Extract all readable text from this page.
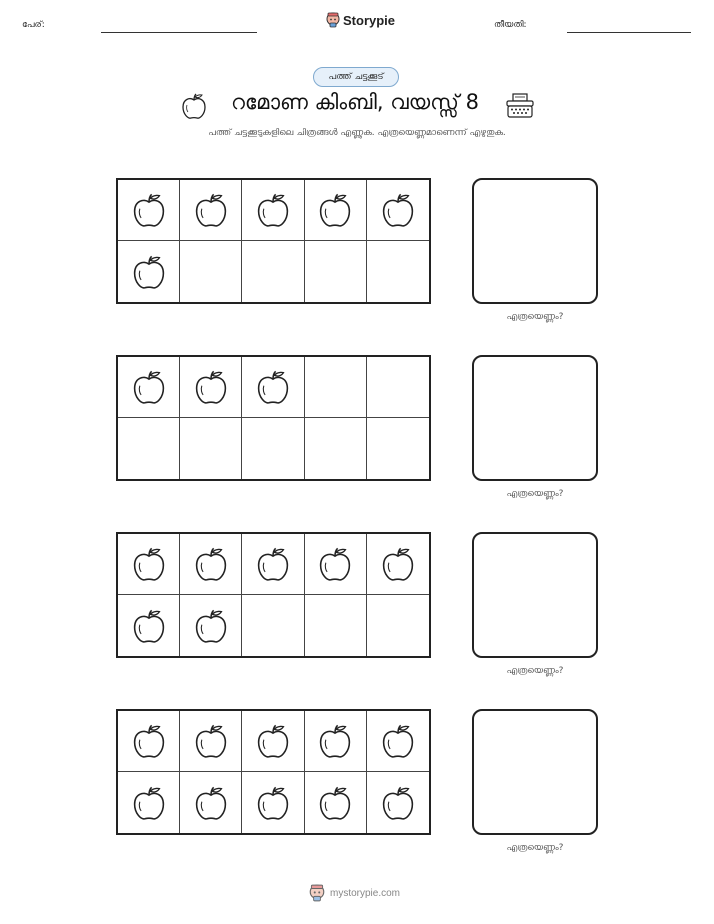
പേര്:	Storypie	തീയതി:
പത്ത് ചട്ടക്കൂട്
റമോണ കിംബി, വയസ്സ് 8
പത്ത് ചട്ടക്കൂടുകളിലെ ചിത്രങ്ങൾ എണ്ണുക. എത്രയെണ്ണമാണെന്ന് എഴുതുക.
എത്രയെണ്ണം?
എത്രയെണ്ണം?
എത്രയെണ്ണം?
എത്രയെണ്ണം?
mystorypie.com
